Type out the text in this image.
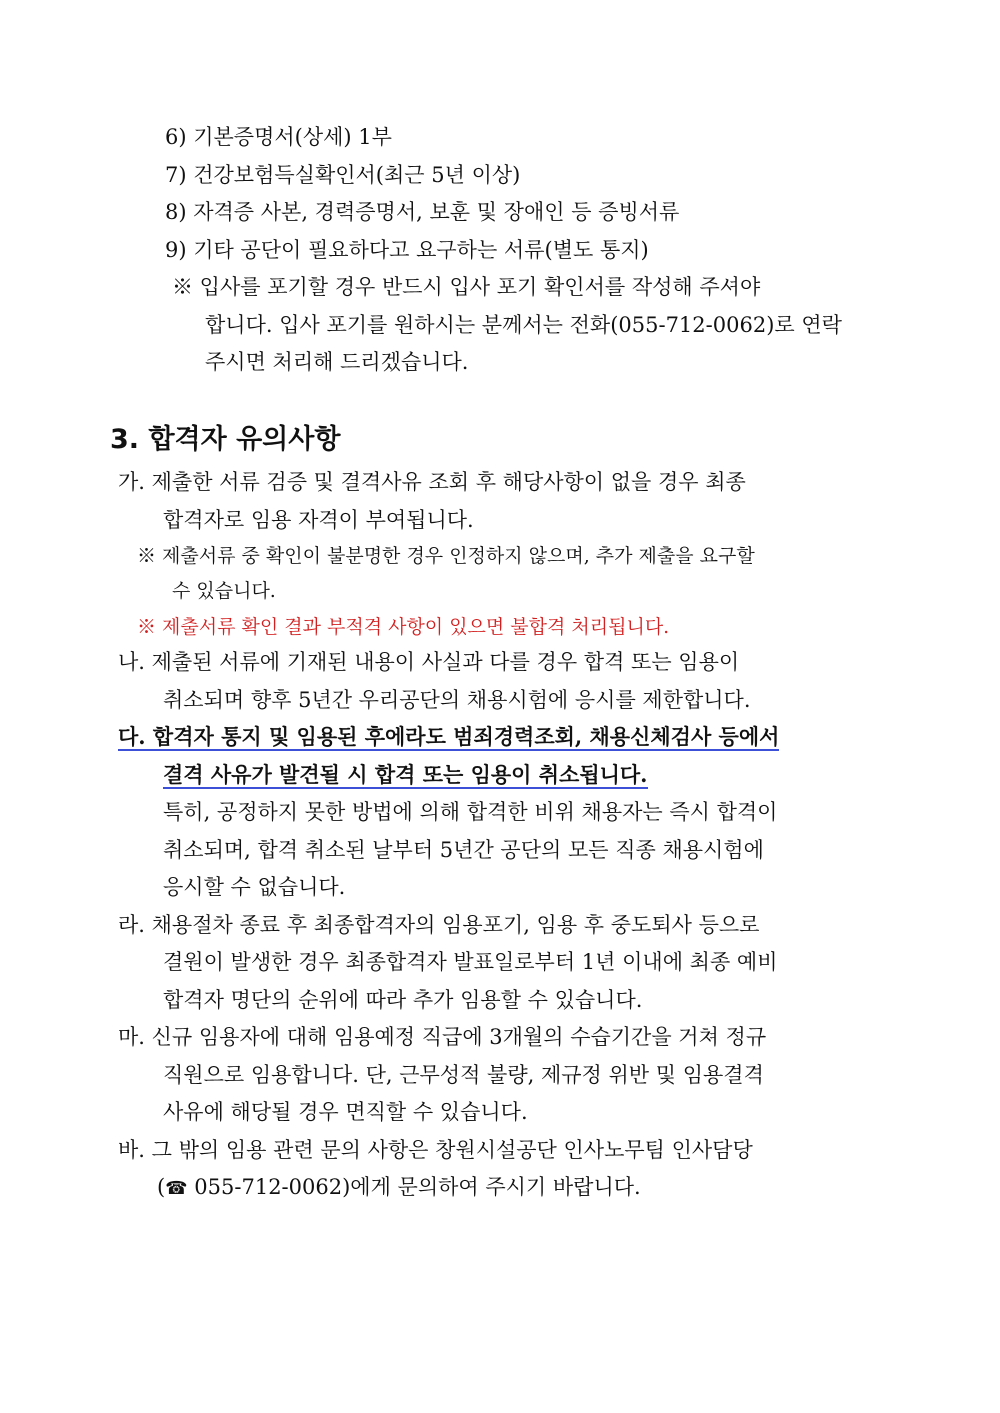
6) 기본증명서(상세) 1부
7) 건강보험득실확인서(최근 5년 이상)
8) 자격증 사본, 경력증명서, 보훈 및 장애인 등 증빙서류
9) 기타 공단이 필요하다고 요구하는 서류(별도 통지)
※ 입사를 포기할 경우 반드시 입사 포기 확인서를 작성해 주셔야
합니다. 입사 포기를 원하시는 분께서는 전화(055-712-0062)로 연락
주시면 처리해 드리겠습니다.
3. 합격자 유의사항
가. 제출한 서류 검증 및 결격사유 조회 후 해당사항이 없을 경우 최종
합격자로 임용 자격이 부여됩니다.
※ 제출서류 중 확인이 불분명한 경우 인정하지 않으며, 추가 제출을 요구할
수 있습니다.
※ 제출서류 확인 결과 부적격 사항이 있으면 불합격 처리됩니다.
나. 제출된 서류에 기재된 내용이 사실과 다를 경우 합격 또는 임용이
취소되며 향후 5년간 우리공단의 채용시험에 응시를 제한합니다.
다. 합격자 통지 및 임용된 후에라도 범죄경력조회, 채용신체검사 등에서
결격 사유가 발견될 시 합격 또는 임용이 취소됩니다.
특히, 공정하지 못한 방법에 의해 합격한 비위 채용자는 즉시 합격이
취소되며, 합격 취소된 날부터 5년간 공단의 모든 직종 채용시험에
응시할 수 없습니다.
라. 채용절차 종료 후 최종합격자의 임용포기, 임용 후 중도퇴사 등으로
결원이 발생한 경우 최종합격자 발표일로부터 1년 이내에 최종 예비
합격자 명단의 순위에 따라 추가 임용할 수 있습니다.
마. 신규 임용자에 대해 임용예정 직급에 3개월의 수습기간을 거쳐 정규
직원으로 임용합니다. 단, 근무성적 불량, 제규정 위반 및 임용결격
사유에 해당될 경우 면직할 수 있습니다.
바. 그 밖의 임용 관련 문의 사항은 창원시설공단 인사노무팀 인사담당
(☎ 055-712-0062)에게 문의하여 주시기 바랍니다.
